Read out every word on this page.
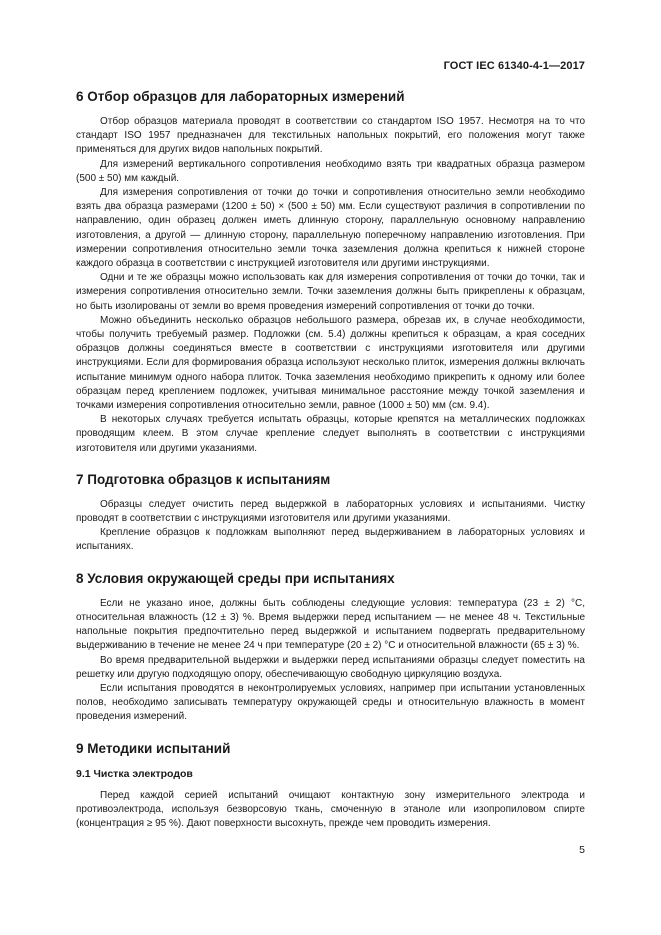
ГОСТ IEC 61340-4-1—2017
6 Отбор образцов для лабораторных измерений

Отбор образцов материала проводят в соответствии со стандартом ISO 1957. Несмотря на то что стандарт ISO 1957 предназначен для текстильных напольных покрытий, его положения могут также применяться для других видов напольных покрытий.

Для измерений вертикального сопротивления необходимо взять три квадратных образца размером (500 ± 50) мм каждый.

Для измерения сопротивления от точки до точки и сопротивления относительно земли необходимо взять два образца размерами (1200 ± 50) × (500 ± 50) мм. Если существуют различия в сопротивлении по направлению, один образец должен иметь длинную сторону, параллельную основному направлению изготовления, а другой — длинную сторону, параллельную поперечному направлению изготовления. При измерении сопротивления относительно земли точка заземления должна крепиться к нижней стороне каждого образца в соответствии с инструкцией изготовителя или другими инструкциями.

Одни и те же образцы можно использовать как для измерения сопротивления от точки до точки, так и измерения сопротивления относительно земли. Точки заземления должны быть прикреплены к образцам, но быть изолированы от земли во время проведения измерений сопротивления от точки до точки.

Можно объединить несколько образцов небольшого размера, обрезав их, в случае необходимости, чтобы получить требуемый размер. Подложки (см. 5.4) должны крепиться к образцам, а края соседних образцов должны соединяться вместе в соответствии с инструкциями изготовителя или другими инструкциями. Если для формирования образца используют несколько плиток, измерения должны включать испытание минимум одного набора плиток. Точка заземления необходимо прикрепить к одному или более образцам перед креплением подложек, учитывая минимальное расстояние между точкой заземления и точками измерения сопротивления относительно земли, равное (1000 ± 50) мм (см. 9.4).

В некоторых случаях требуется испытать образцы, которые крепятся на металлических подложках проводящим клеем. В этом случае крепление следует выполнять в соответствии с инструкциями изготовителя или другими указаниями.

7 Подготовка образцов к испытаниям

Образцы следует очистить перед выдержкой в лабораторных условиях и испытаниями. Чистку проводят в соответствии с инструкциями изготовителя или другими указаниями.

Крепление образцов к подложкам выполняют перед выдерживанием в лабораторных условиях и испытаниях.

8 Условия окружающей среды при испытаниях

Если не указано иное, должны быть соблюдены следующие условия: температура (23 ± 2) °С, относительная влажность (12 ± 3) %. Время выдержки перед испытанием — не менее 48 ч. Текстильные напольные покрытия предпочтительно перед выдержкой и испытанием подвергать предварительному выдерживанию в течение не менее 24 ч при температуре (20 ± 2) °С и относительной влажности (65 ± 3) %.

Во время предварительной выдержки и выдержки перед испытаниями образцы следует поместить на решетку или другую подходящую опору, обеспечивающую свободную циркуляцию воздуха.

Если испытания проводятся в неконтролируемых условиях, например при испытании установленных полов, необходимо записывать температуру окружающей среды и относительную влажность в момент проведения измерений.

9 Методики испытаний
9.1 Чистка электродов

Перед каждой серией испытаний очищают контактную зону измерительного электрода и противоэлектрода, используя безворсовую ткань, смоченную в этаноле или изопропиловом спирте (концентрация ≥ 95 %). Дают поверхности высохнуть, прежде чем проводить измерения.

5
